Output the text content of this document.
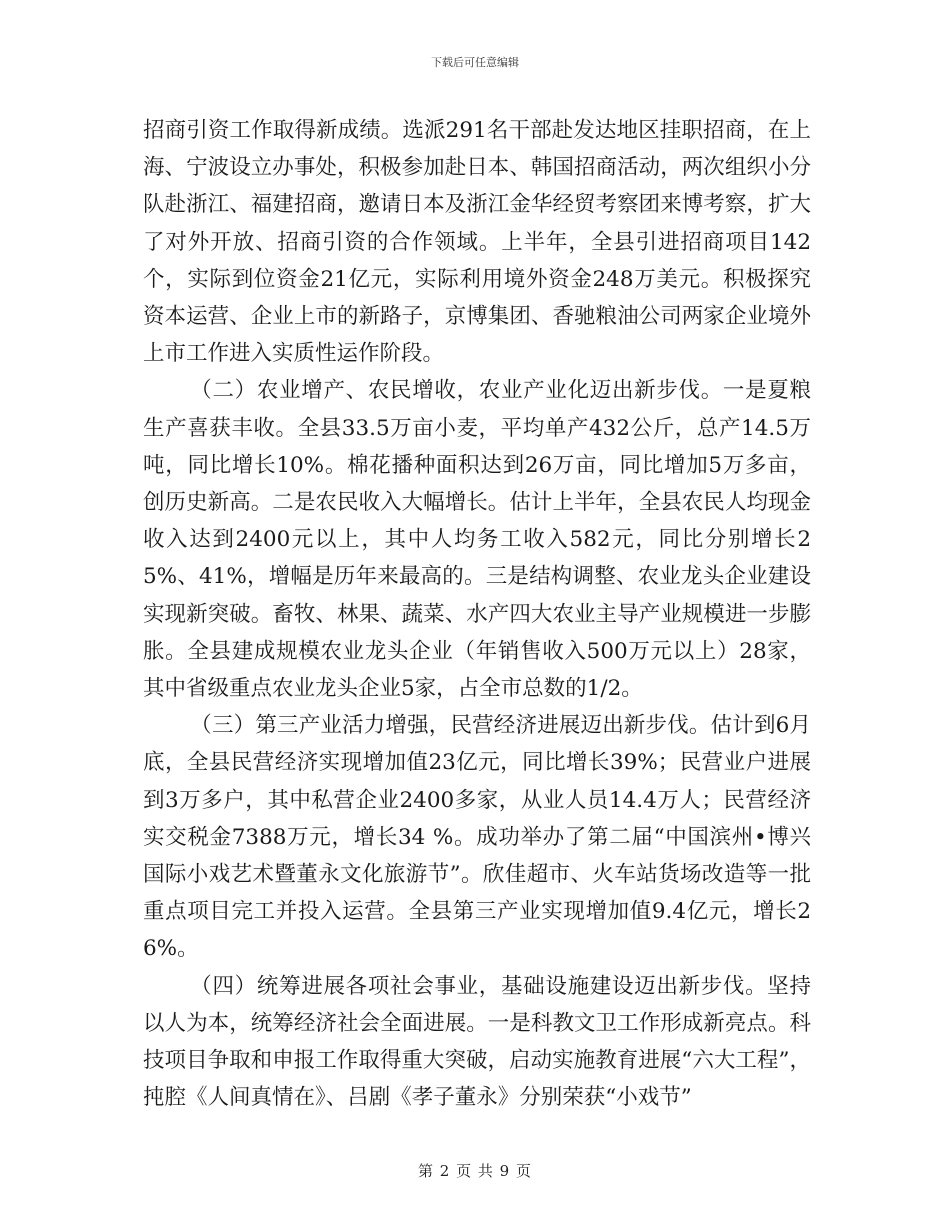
下载后可任意编辑

招商引资工作取得新成绩。选派291名干部赴发达地区挂职招商，在上海、宁波设立办事处，积极参加赴日本、韩国招商活动，两次组织小分队赴浙江、福建招商，邀请日本及浙江金华经贸考察团来博考察，扩大了对外开放、招商引资的合作领域。上半年，全县引进招商项目142个，实际到位资金21亿元，实际利用境外资金248万美元。积极探究资本运营、企业上市的新路子，京博集团、香驰粮油公司两家企业境外上市工作进入实质性运作阶段。

（二）农业增产、农民增收，农业产业化迈出新步伐。一是夏粮生产喜获丰收。全县33.5万亩小麦，平均单产432公斤，总产14.5万吨，同比增长10%。棉花播种面积达到26万亩，同比增加5万多亩，创历史新高。二是农民收入大幅增长。估计上半年，全县农民人均现金收入达到2400元以上，其中人均务工收入582元，同比分别增长25%、41%，增幅是历年来最高的。三是结构调整、农业龙头企业建设实现新突破。畜牧、林果、蔬菜、水产四大农业主导产业规模进一步膨胀。全县建成规模农业龙头企业（年销售收入500万元以上）28家，其中省级重点农业龙头企业5家，占全市总数的1/2。

（三）第三产业活力增强，民营经济进展迈出新步伐。估计到6月底，全县民营经济实现增加值23亿元，同比增长39%；民营业户进展到3万多户，其中私营企业2400多家，从业人员14.4万人；民营经济实交税金7388万元，增长34 %。成功举办了第二届“中国滨州•博兴国际小戏艺术暨董永文化旅游节”。欣佳超市、火车站货场改造等一批重点项目完工并投入运营。全县第三产业实现增加值9.4亿元，增长26%。

（四）统筹进展各项社会事业，基础设施建设迈出新步伐。坚持以人为本，统筹经济社会全面进展。一是科教文卫工作形成新亮点。科技项目争取和申报工作取得重大突破，启动实施教育进展“六大工程”，扽腔《人间真情在》、吕剧《孝子董永》分别荣获“小戏节”

第 2 页 共 9 页
